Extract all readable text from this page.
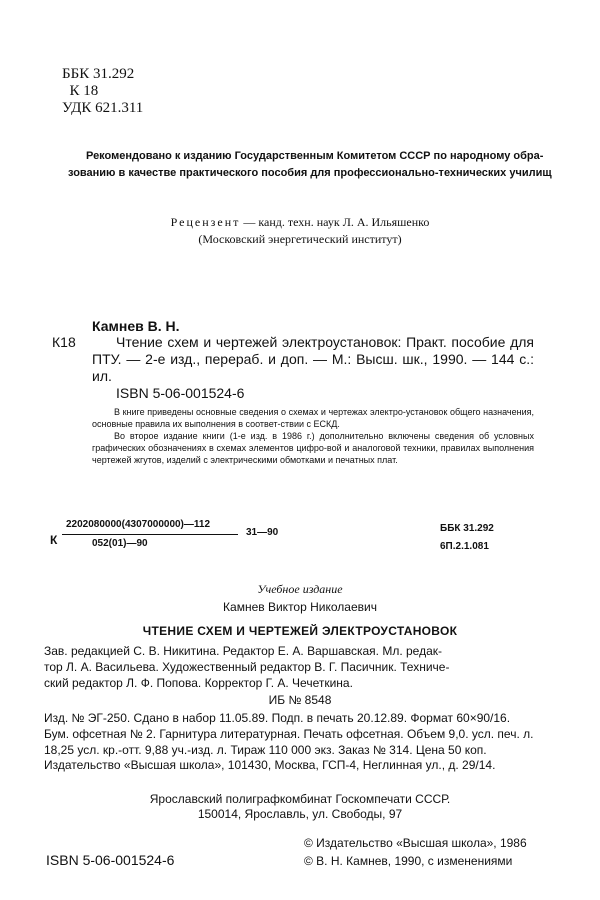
ББК 31.292
К 18
УДК 621.311
Рекомендовано к изданию Государственным Комитетом СССР по народному обра-
зованию в качестве практического пособия для профессионально-технических училищ
Рецензент — канд. техн. наук Л. А. Ильяшенко
(Московский энергетический институт)
Камнев В. Н.
К18	Чтение схем и чертежей электроустановок: Практ. пособие для ПТУ. — 2-е изд., перераб. и доп. — М.: Высш. шк., 1990. — 144 с.: ил.
ISBN 5-06-001524-6

В книге приведены основные сведения о схемах и чертежах электро-установок общего назначения, основные правила их выполнения в соответ-ствии с ЕСКД.

Во второе издание книги (1-е изд. в 1986 г.) дополнительно включены сведения об условных графических обозначениях в схемах элементов цифро-вой и аналоговой техники, правилах выполнения чертежей жгутов, изделий с электрическими обмотками и печатных плат.

К
2202080000(4307000000)—112
052(01)—90
31—90	ББК 31.292
6П.2.1.081
Учебное издание
Камнев Виктор Николаевич
ЧТЕНИЕ СХЕМ И ЧЕРТЕЖЕЙ ЭЛЕКТРОУСТАНОВОК
Зав. редакцией С. В. Никитина. Редактор Е. А. Варшавская. Мл. редак-
тор Л. А. Васильева. Художественный редактор В. Г. Пасичник. Техниче-
ский редактор Л. Ф. Попова. Корректор Г. А. Чечеткина.
ИБ № 8548
Изд. № ЭГ-250. Сдано в набор 11.05.89. Подп. в печать 20.12.89. Формат 60×90/16.
Бум. офсетная № 2. Гарнитура литературная. Печать офсетная. Объем 9,0. усл. печ. л.
18,25 усл. кр.-отт. 9,88 уч.-изд. л. Тираж 110 000 экз. Заказ № 314. Цена 50 коп.
Издательство «Высшая школа», 101430, Москва, ГСП-4, Неглинная ул., д. 29/14.
Ярославский полиграфкомбинат Госкомпечати СССР.
150014, Ярославль, ул. Свободы, 97
ISBN 5-06-001524-6
© Издательство «Высшая школа», 1986
© В. Н. Камнев, 1990, с изменениями
